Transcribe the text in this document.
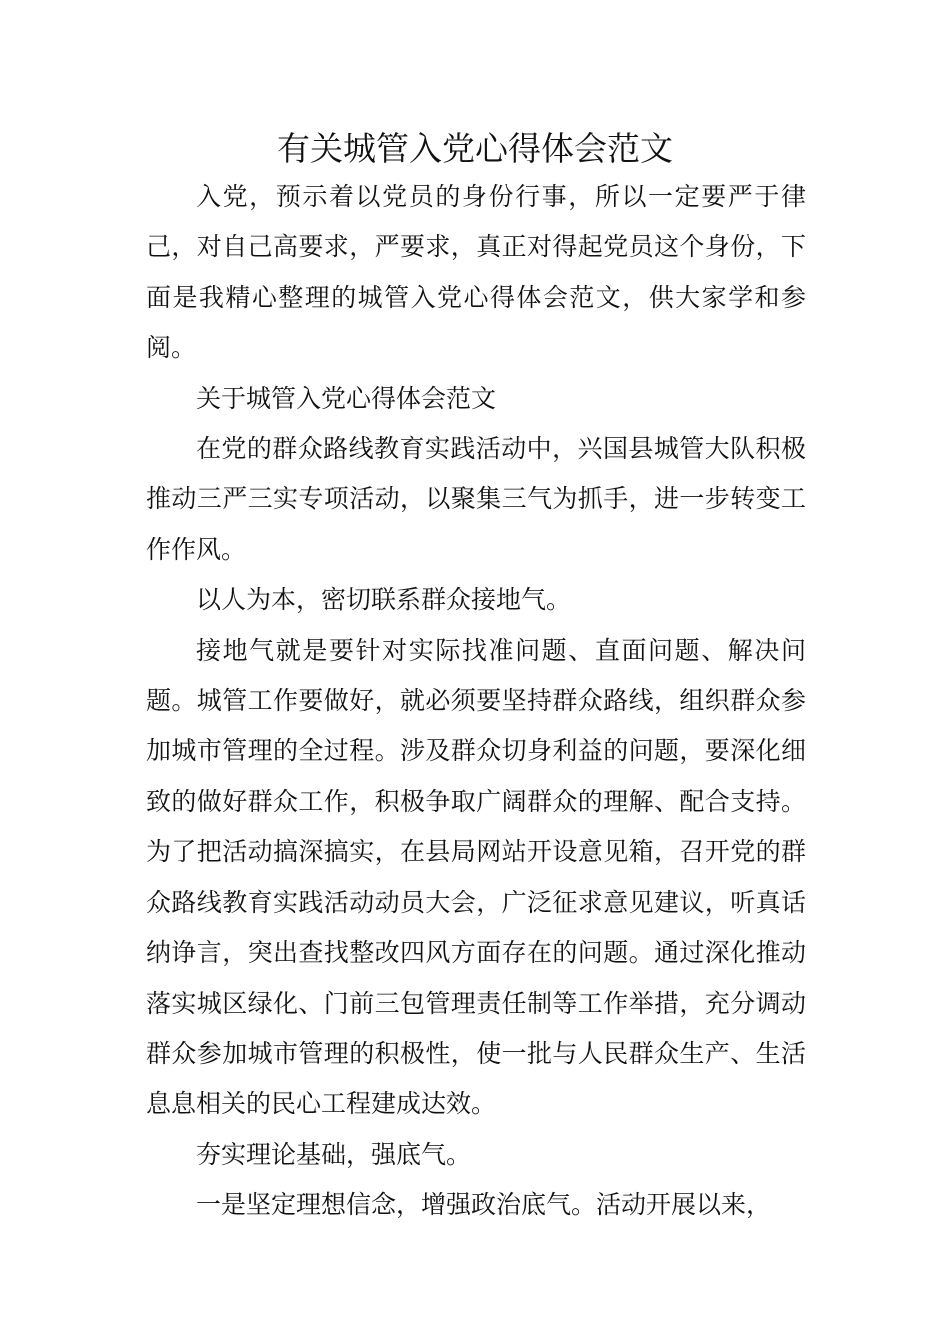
有关城管入党心得体会范文

入党，预示着以党员的身份行事，所以一定要严于律己，对自己高要求，严要求，真正对得起党员这个身份，下面是我精心整理的城管入党心得体会范文，供大家学和参阅。

关于城管入党心得体会范文

在党的群众路线教育实践活动中，兴国县城管大队积极推动三严三实专项活动，以聚集三气为抓手，进一步转变工作作风。

以人为本，密切联系群众接地气。

接地气就是要针对实际找准问题、直面问题、解决问题。城管工作要做好，就必须要坚持群众路线，组织群众参加城市管理的全过程。涉及群众切身利益的问题，要深化细致的做好群众工作，积极争取广阔群众的理解、配合支持。为了把活动搞深搞实，在县局网站开设意见箱，召开党的群众路线教育实践活动动员大会，广泛征求意见建议，听真话纳诤言，突出查找整改四风方面存在的问题。通过深化推动落实城区绿化、门前三包管理责任制等工作举措，充分调动群众参加城市管理的积极性，使一批与人民群众生产、生活息息相关的民心工程建成达效。

夯实理论基础，强底气。

一是坚定理想信念，增强政治底气。活动开展以来，
